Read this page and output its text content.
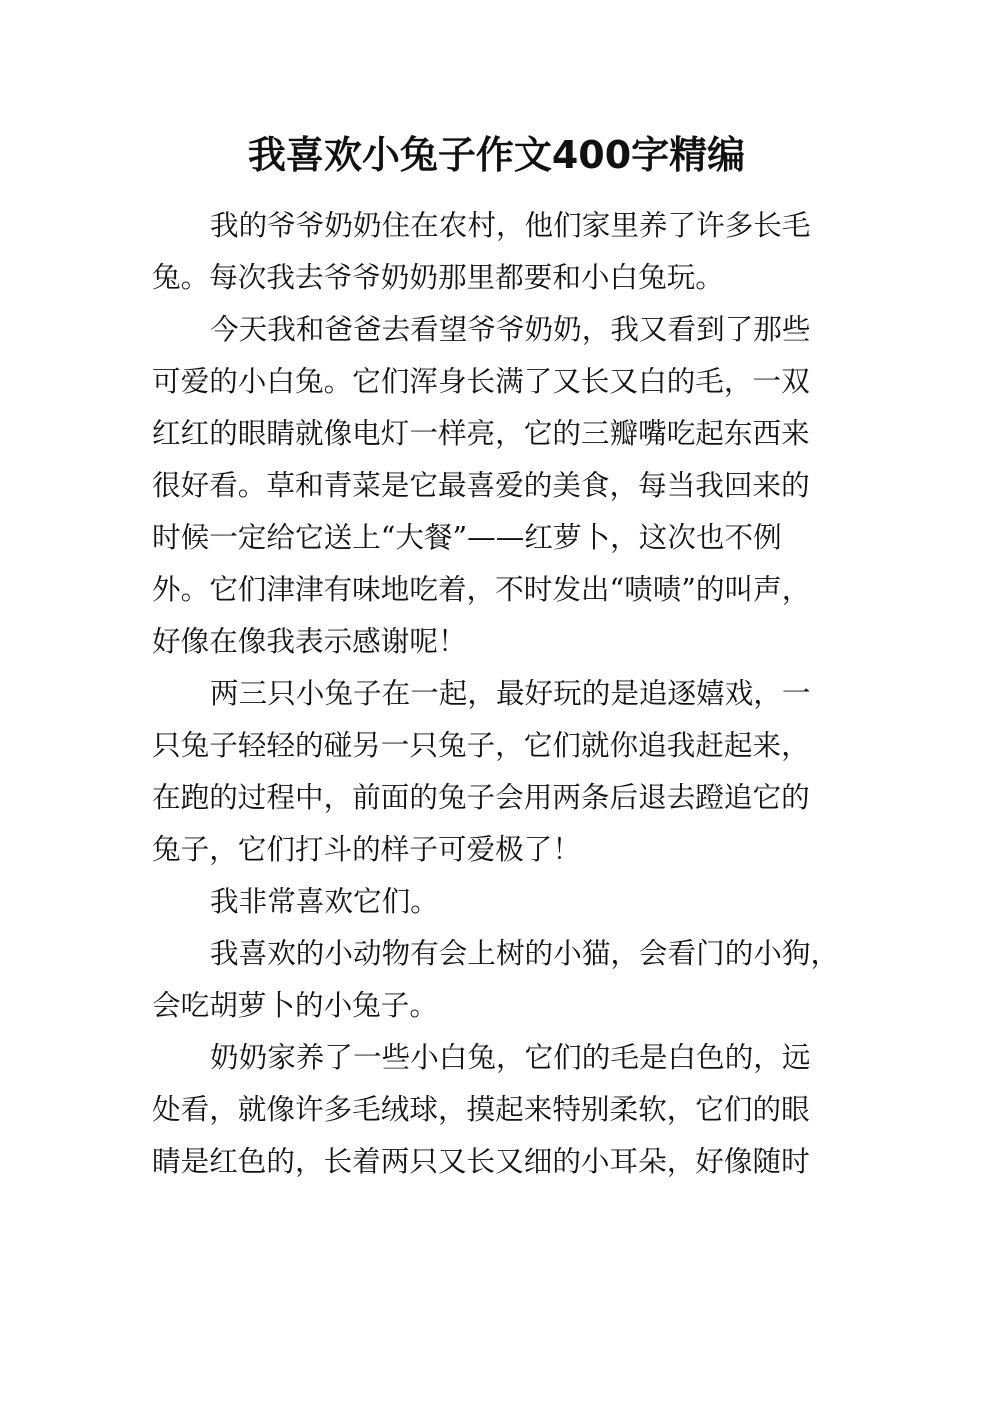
我喜欢小兔子作文400字精编
我的爷爷奶奶住在农村，他们家里养了许多长毛
兔。每次我去爷爷奶奶那里都要和小白兔玩。
今天我和爸爸去看望爷爷奶奶，我又看到了那些
可爱的小白兔。它们浑身长满了又长又白的毛，一双
红红的眼睛就像电灯一样亮，它的三瓣嘴吃起东西来
很好看。草和青菜是它最喜爱的美食，每当我回来的
时候一定给它送上“大餐”——红萝卜，这次也不例
外。它们津津有味地吃着，不时发出“啧啧”的叫声，
好像在像我表示感谢呢！
两三只小兔子在一起，最好玩的是追逐嬉戏，一
只兔子轻轻的碰另一只兔子，它们就你追我赶起来，
在跑的过程中，前面的兔子会用两条后退去蹬追它的
兔子，它们打斗的样子可爱极了！
我非常喜欢它们。
我喜欢的小动物有会上树的小猫，会看门的小狗，
会吃胡萝卜的小兔子。
奶奶家养了一些小白兔，它们的毛是白色的，远
处看，就像许多毛绒球，摸起来特别柔软，它们的眼
睛是红色的，长着两只又长又细的小耳朵，好像随时
